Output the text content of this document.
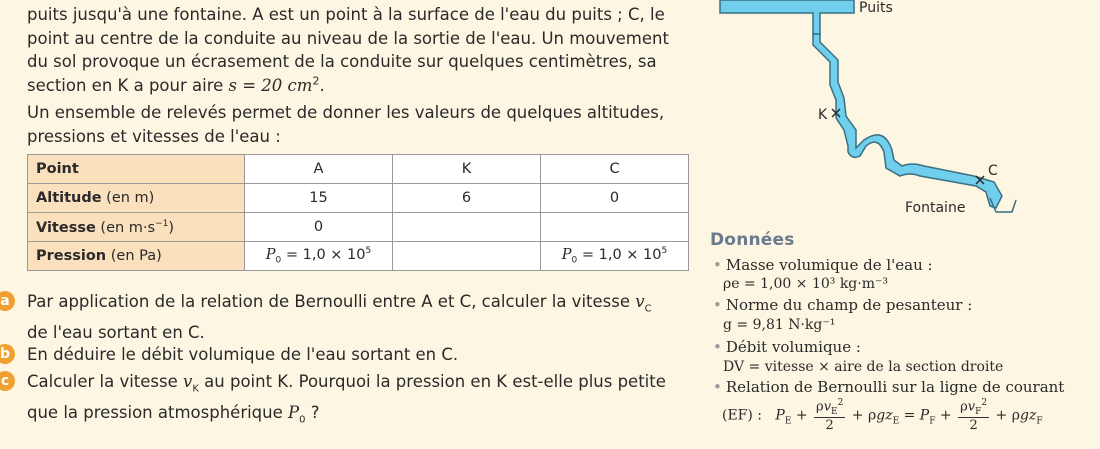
puits jusqu'à une fontaine. A est un point à la surface de l'eau du puits ; C, le
point au centre de la conduite au niveau de la sortie de l'eau. Un mouvement
du sol provoque un écrasement de la conduite sur quelques centimètres, sa
section en K a pour aire s = 20 $cm^2$.
Un ensemble de relevés permet de donner les valeurs de quelques altitudes,
pressions et vitesses de l'eau :
Point	A	K	C
Altitude (en m)	15	6	0
Vitesse (en $m\cdot s^{-1}$)	0		
Pression (en Pa)	$P_0 = 1,0 \times 10^5$		$P_0 = 1,0 \times 10^5$
a	Par application de la relation de Bernoulli entre A et C, calculer la vitesse $v_C$
de l'eau sortant en C.
b	En déduire le débit volumique de l'eau sortant en C.
c	Calculer la vitesse $v_K$ au point K. Pourquoi la pression en K est-elle plus petite
que la pression atmosphérique $P_0$ ?
K
C
Puits
Fontaine
Données
• Masse volumique de l'eau :
ρe = 1,00 × 10³ kg·m⁻³
• Norme du champ de pesanteur :
g = 9,81 N·kg⁻¹
• Débit volumique :
DV = vitesse × aire de la section droite
• Relation de Bernoulli sur la ligne de courant
(EF) : $P_E + \frac{\rho v_E^2}{2} + \rho gz_E = P_F + \frac{\rho v_F^2}{2} + \rho gz_F$
